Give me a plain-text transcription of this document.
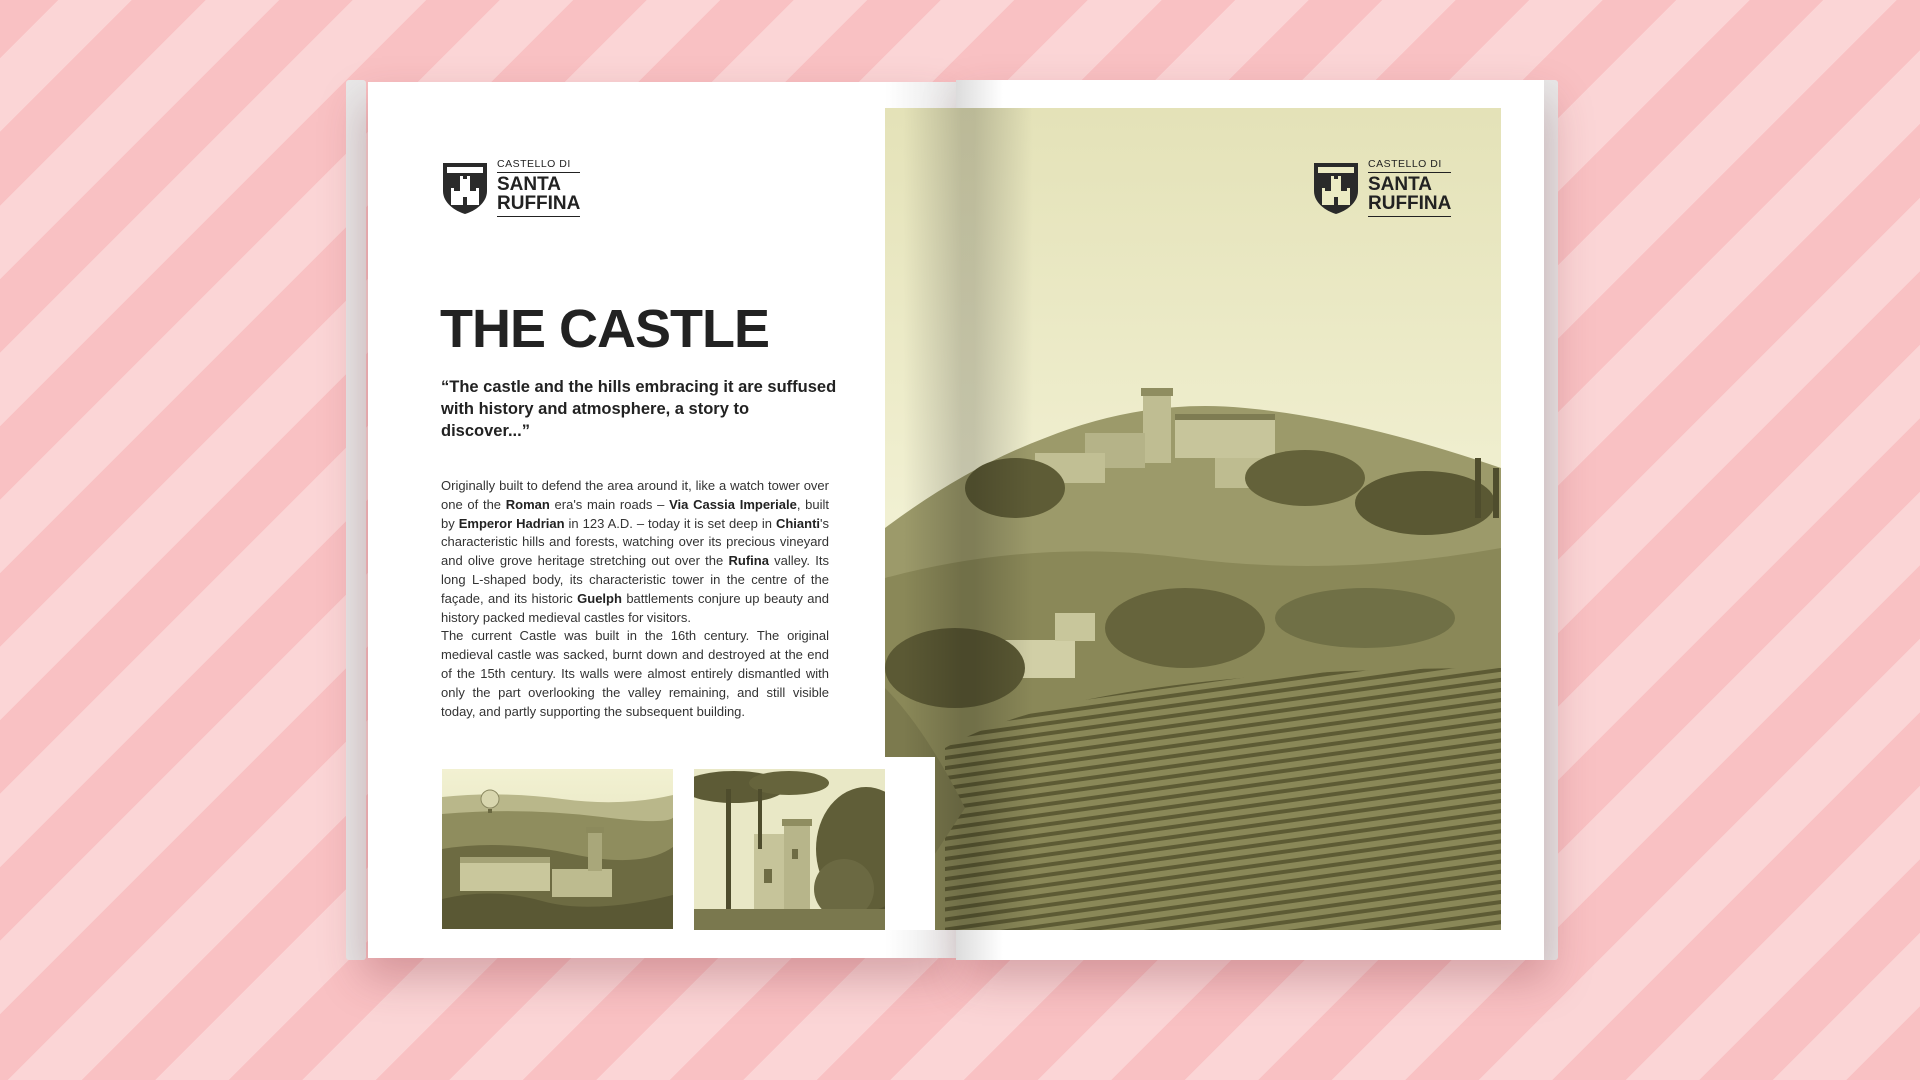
CASTELLO DI
SANTA
RUFFINA
THE CASTLE

“The castle and the hills embracing it are suffused with history and atmosphere, a story to discover...”

Originally built to defend the area around it, like a watch tower over one of the Roman era's main roads – Via Cassia Imperiale, built by Emperor Hadrian in 123 A.D. – today it is set deep in Chianti's characteristic hills and forests, watching over its precious vineyard and olive grove heritage stretching out over the Rufina valley. Its long L-shaped body, its characteristic tower in the centre of the façade, and its historic Guelph battlements conjure up beauty and history packed medieval castles for visitors.

The current Castle was built in the 16th century. The original medieval castle was sacked, burnt down and destroyed at the end of the 15th century. Its walls were almost entirely dismantled with only the part overlooking the valley remaining, and still visible today, and partly supporting the subsequent building.

CASTELLO DI
SANTA
RUFFINA
